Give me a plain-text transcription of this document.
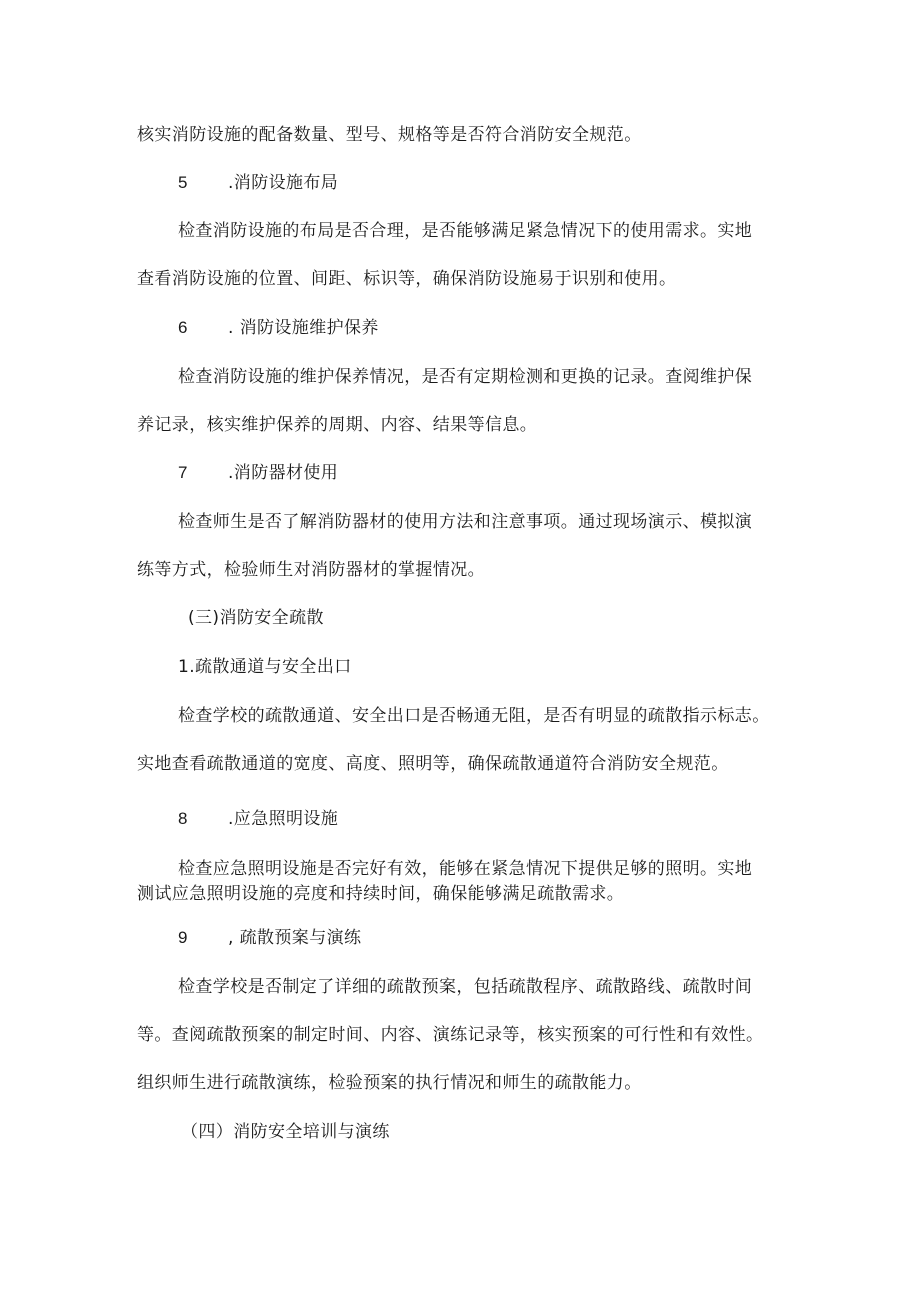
核实消防设施的配备数量、型号、规格等是否符合消防安全规范。
5 .消防设施布局
检查消防设施的布局是否合理，是否能够满足紧急情况下的使用需求。实地
查看消防设施的位置、间距、标识等，确保消防设施易于识别和使用。
6 . 消防设施维护保养
检查消防设施的维护保养情况，是否有定期检测和更换的记录。查阅维护保
养记录，核实维护保养的周期、内容、结果等信息。
7 .消防器材使用
检查师生是否了解消防器材的使用方法和注意事项。通过现场演示、模拟演
练等方式，检验师生对消防器材的掌握情况。
(三)消防安全疏散
1.疏散通道与安全出口
检查学校的疏散通道、安全出口是否畅通无阻，是否有明显的疏散指示标志。
实地查看疏散通道的宽度、高度、照明等，确保疏散通道符合消防安全规范。
8 .应急照明设施
检查应急照明设施是否完好有效，能够在紧急情况下提供足够的照明。实地
测试应急照明设施的亮度和持续时间，确保能够满足疏散需求。
9 , 疏散预案与演练
检查学校是否制定了详细的疏散预案，包括疏散程序、疏散路线、疏散时间
等。查阅疏散预案的制定时间、内容、演练记录等，核实预案的可行性和有效性。
组织师生进行疏散演练，检验预案的执行情况和师生的疏散能力。
（四）消防安全培训与演练
